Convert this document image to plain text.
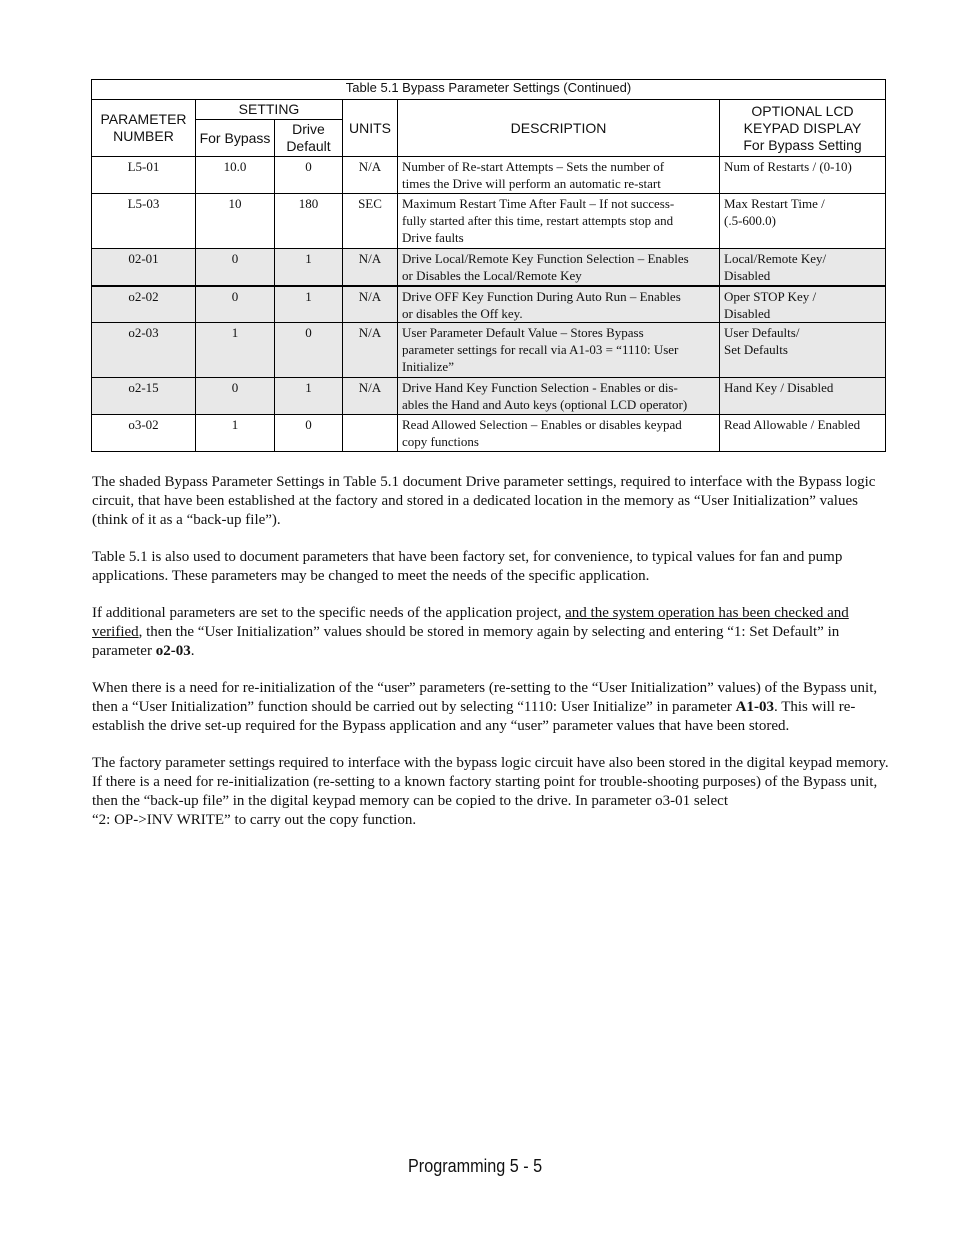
Table 5.1 Bypass Parameter Settings (Continued)					
PARAMETER
NUMBER	SETTING		UNITS	DESCRIPTION	OPTIONAL LCD
KEYPAD DISPLAY
For Bypass Setting
	For Bypass	Drive
Default			
L5-01	10.0	0	N/A	Number of Re-start Attempts – Sets the number of
times the Drive will perform an automatic re-start	Num of Restarts / (0-10)
L5-03	10	180	SEC	Maximum Restart Time After Fault – If not success-
fully started after this time, restart attempts stop and
Drive faults	Max Restart Time /
(.5-600.0)
02-01	0	1	N/A	Drive Local/Remote Key Function Selection – Enables
or Disables the Local/Remote Key	Local/Remote Key/
Disabled
o2-02	0	1	N/A	Drive OFF Key Function During Auto Run – Enables
or disables the Off key.	Oper STOP Key /
Disabled
o2-03	1	0	N/A	User Parameter Default Value – Stores Bypass
parameter settings for recall via A1-03 = “1110: User
Initialize”	User Defaults/
Set Defaults
o2-15	0	1	N/A	Drive Hand Key Function Selection - Enables or dis-
ables the Hand and Auto keys (optional LCD operator)	Hand Key / Disabled
o3-02	1	0		Read Allowed Selection – Enables or disables keypad
copy functions	Read Allowable / Enabled

The shaded Bypass Parameter Settings in Table 5.1 document Drive parameter settings, required to interface with the Bypass logic circuit, that have been established at the factory and stored in a dedicated location in the memory as “User Initialization” values (think of it as a “back-up file”).

Table 5.1 is also used to document parameters that have been factory set, for convenience, to typical values for fan and pump applications. These parameters may be changed to meet the needs of the specific application.

If additional parameters are set to the specific needs of the application project, and the system operation has been checked and verified, then the “User Initialization” values should be stored in memory again by selecting and entering “1: Set Default” in parameter o2-03.

When there is a need for re-initialization of the “user” parameters (re-setting to the “User Initialization” values) of the Bypass unit, then a “User Initialization” function should be carried out by selecting “1110: User Initialize” in parameter A1-03. This will re-establish the drive set-up required for the Bypass application and any “user” parameter values that have been stored.

The factory parameter settings required to interface with the bypass logic circuit have also been stored in the digital keypad memory. If there is a need for re-initialization (re-setting to a known factory starting point for trouble-shooting purposes) of the Bypass unit, then the “back-up file” in the digital keypad memory can be copied to the drive. In parameter o3-01 select
“2: OP->INV WRITE” to carry out the copy function.

Programming 5 - 5
